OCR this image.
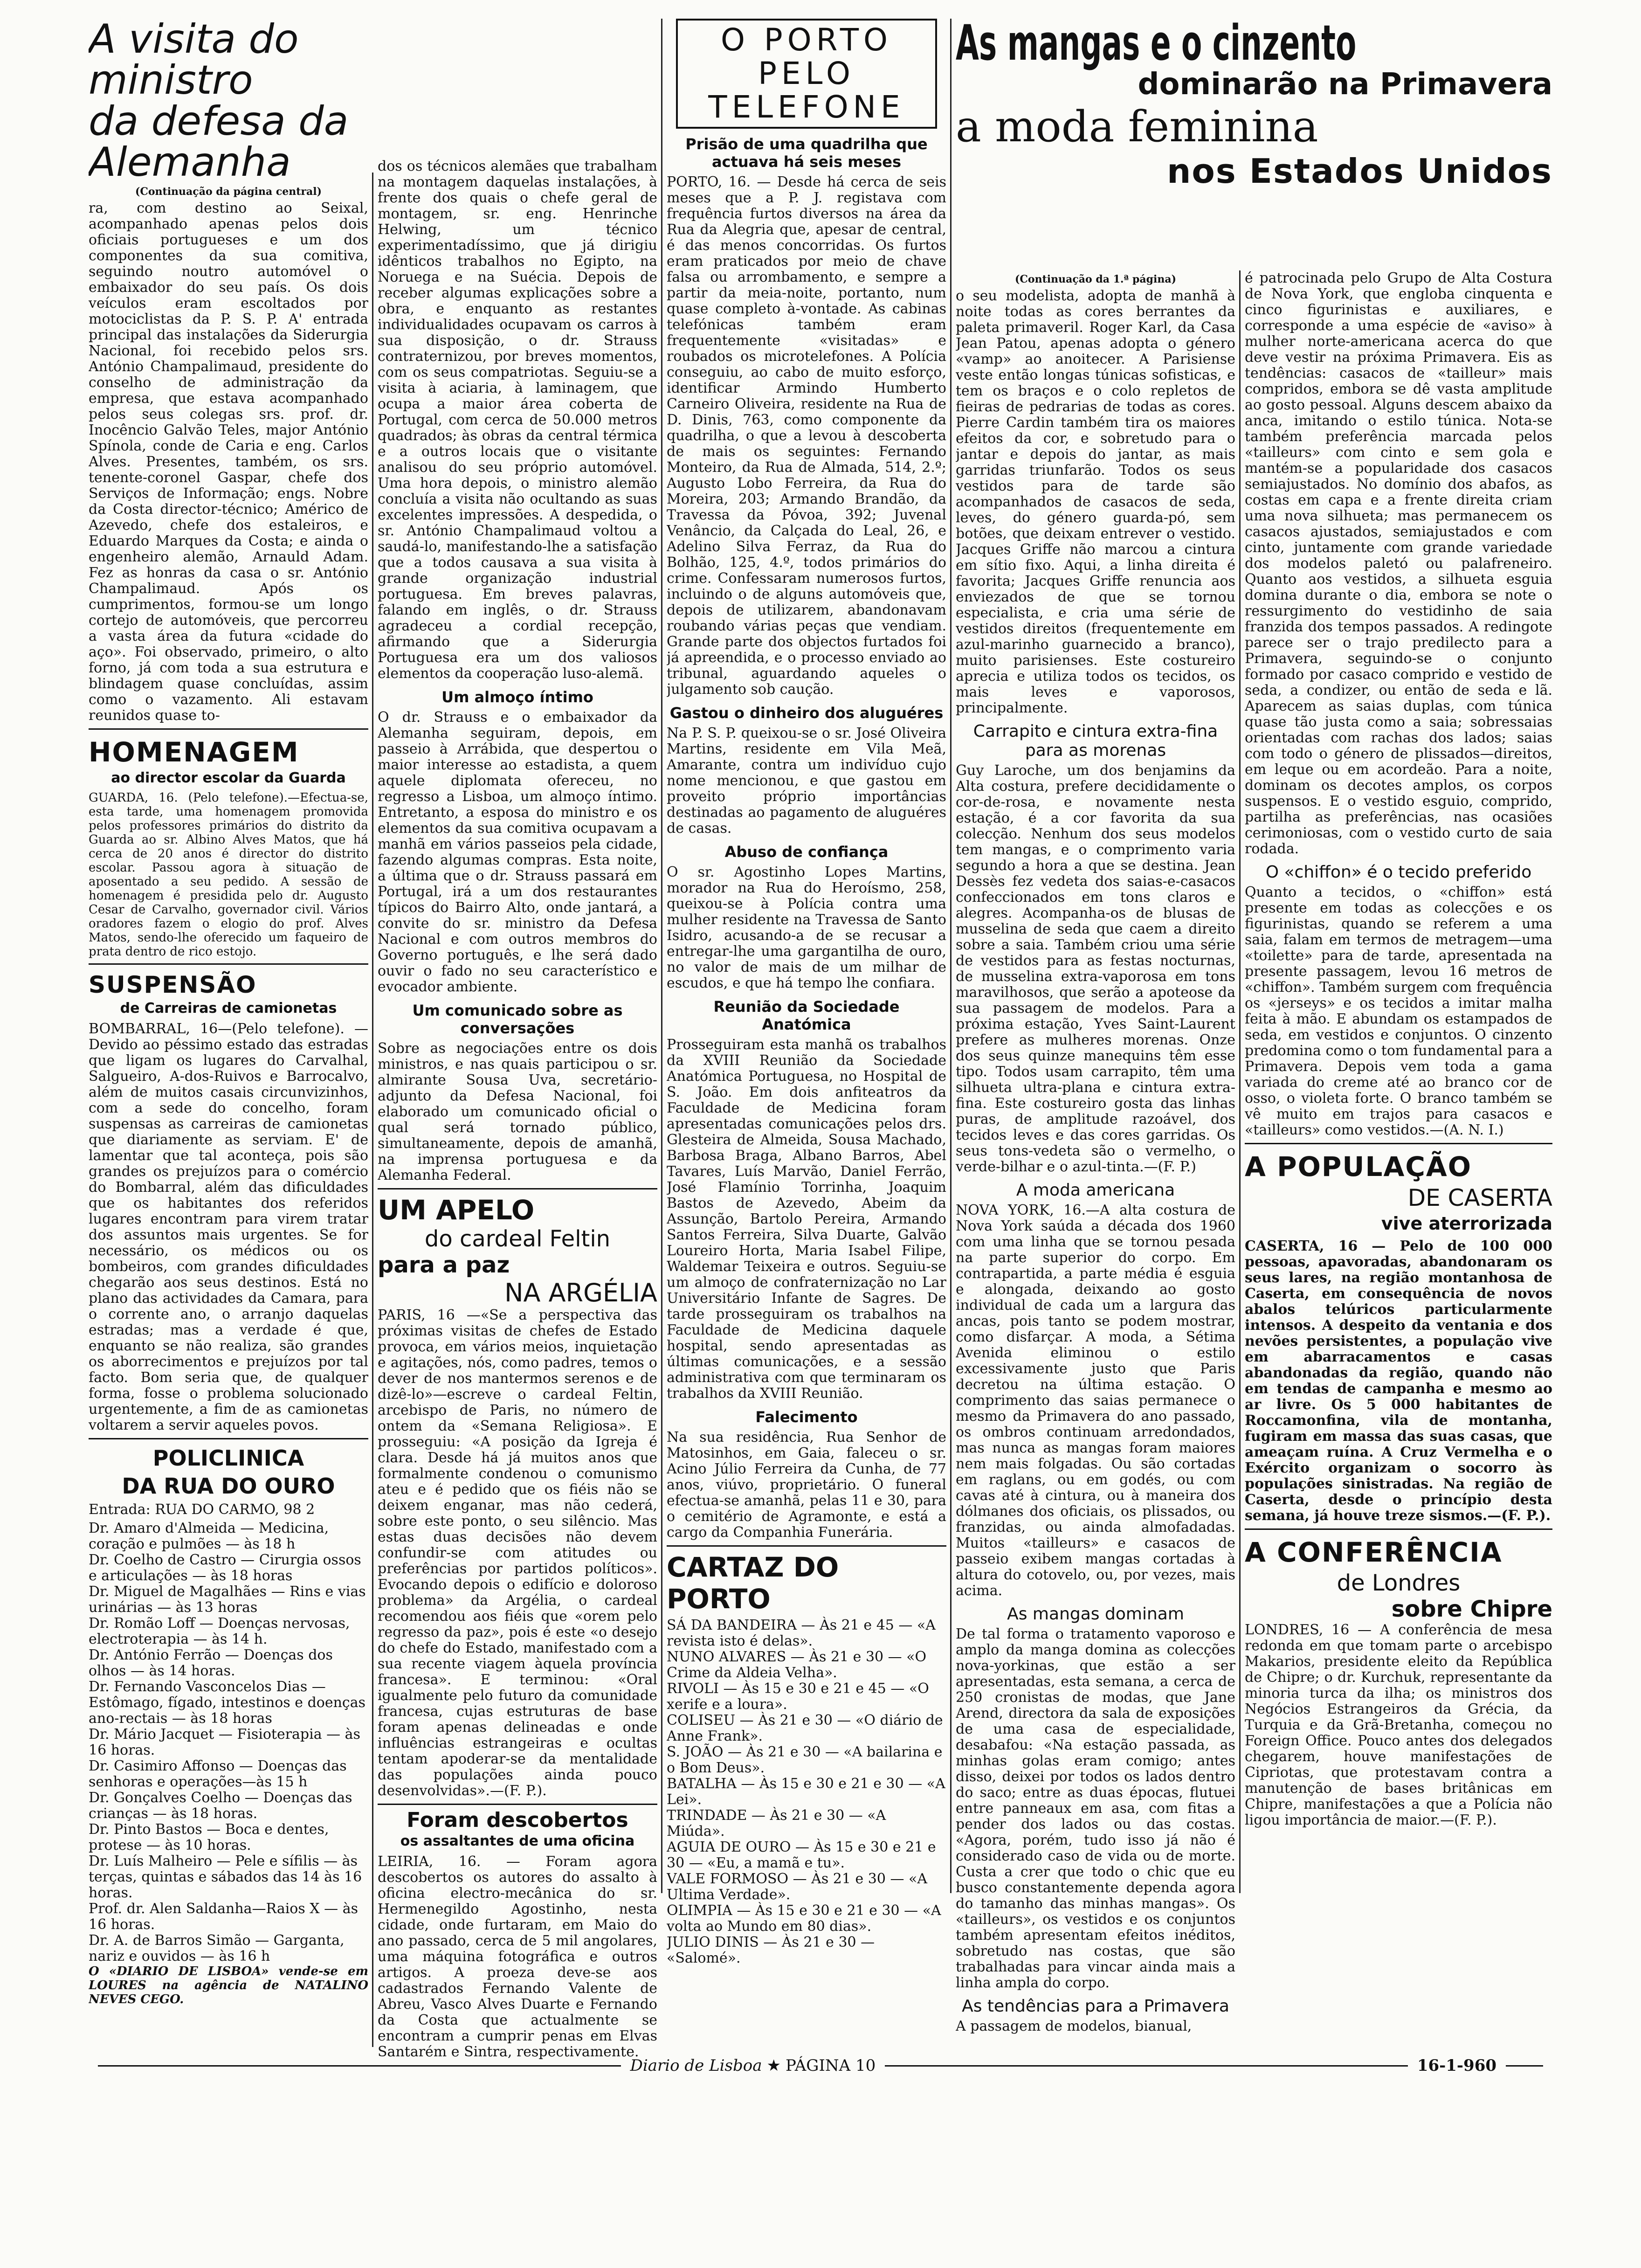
A visita do ministro
da defesa da Alemanha
(Continuação da página central)

ra, com destino ao Seixal, acompanhado apenas pelos dois oficiais portugueses e um dos componentes da sua comitiva, seguindo noutro automóvel o embaixador do seu país. Os dois veículos eram escoltados por motociclistas da P. S. P. A' entrada principal das instalações da Siderurgia Nacional, foi recebido pelos srs. António Champalimaud, presidente do conselho de administração da empresa, que estava acompanhado pelos seus colegas srs. prof. dr. Inocêncio Galvão Teles, major António Spínola, conde de Caria e eng. Carlos Alves. Presentes, também, os srs. tenente-coronel Gaspar, chefe dos Serviços de Informação; engs. Nobre da Costa director-técnico; Américo de Azevedo, chefe dos estaleiros, e Eduardo Marques da Costa; e ainda o engenheiro alemão, Arnauld Adam. Fez as honras da casa o sr. António Champalimaud. Após os cumprimentos, formou-se um longo cortejo de automóveis, que percorreu a vasta área da futura «cidade do aço». Foi observado, primeiro, o alto forno, já com toda a sua estrutura e blindagem quase concluídas, assim como o vazamento. Ali estavam reunidos quase to-

HOMENAGEM
ao director escolar da Guarda

GUARDA, 16. (Pelo telefone).—Efectua-se, esta tarde, uma homenagem promovida pelos professores primários do distrito da Guarda ao sr. Albino Alves Matos, que há cerca de 20 anos é director do distrito escolar. Passou agora à situação de aposentado a seu pedido. A sessão de homenagem é presidida pelo dr. Augusto Cesar de Carvalho, governador civil. Vários oradores fazem o elogio do prof. Alves Matos, sendo-lhe oferecido um faqueiro de prata dentro de rico estojo.

SUSPENSÃO
de Carreiras de camionetas

BOMBARRAL, 16—(Pelo telefone). — Devido ao péssimo estado das estradas que ligam os lugares do Carvalhal, Salgueiro, A-dos-Ruivos e Barrocalvo, além de muitos casais circunvizinhos, com a sede do concelho, foram suspensas as carreiras de camionetas que diariamente as serviam. E' de lamentar que tal aconteça, pois são grandes os prejuízos para o comércio do Bombarral, além das dificuldades que os habitantes dos referidos lugares encontram para virem tratar dos assuntos mais urgentes. Se for necessário, os médicos ou os bombeiros, com grandes dificuldades chegarão aos seus destinos. Está no plano das actividades da Camara, para o corrente ano, o arranjo daquelas estradas; mas a verdade é que, enquanto se não realiza, são grandes os aborrecimentos e prejuízos por tal facto. Bom seria que, de qualquer forma, fosse o problema solucionado urgentemente, a fim de as camionetas voltarem a servir aqueles povos.

POLICLINICA
DA RUA DO OURO

Entrada: RUA DO CARMO, 98 2

Dr. Amaro d'Almeida — Medicina, coração e pulmões — às 18 h

Dr. Coelho de Castro — Cirurgia ossos e articulações — às 18 horas

Dr. Miguel de Magalhães — Rins e vias urinárias — às 13 horas

Dr. Romão Loff — Doenças nervosas, electroterapia — às 14 h.

Dr. António Ferrão — Doenças dos olhos — às 14 horas.

Dr. Fernando Vasconcelos Dias — Estômago, fígado, intestinos e doenças ano-rectais — às 18 horas

Dr. Mário Jacquet — Fisioterapia — às 16 horas.

Dr. Casimiro Affonso — Doenças das senhoras e operações—às 15 h

Dr. Gonçalves Coelho — Doenças das crianças — às 18 horas.

Dr. Pinto Bastos — Boca e dentes, protese — às 10 horas.

Dr. Luís Malheiro — Pele e sífilis — às terças, quintas e sábados das 14 às 16 horas.

Prof. dr. Alen Saldanha—Raios X — às 16 horas.

Dr. A. de Barros Simão — Garganta, nariz e ouvidos — às 16 h

O «DIARIO DE LISBOA» vende-se em LOURES na agência de NATALINO NEVES CEGO.

dos os técnicos alemães que trabalham na montagem daquelas instalações, à frente dos quais o chefe geral de montagem, sr. eng. Henrinche Helwing, um técnico experimentadíssimo, que já dirigiu idênticos trabalhos no Egipto, na Noruega e na Suécia. Depois de receber algumas explicações sobre a obra, e enquanto as restantes individualidades ocupavam os carros à sua disposição, o dr. Strauss contraternizou, por breves momentos, com os seus compatriotas. Seguiu-se a visita à aciaria, à laminagem, que ocupa a maior área coberta de Portugal, com cerca de 50.000 metros quadrados; às obras da central térmica e a outros locais que o visitante analisou do seu próprio automóvel. Uma hora depois, o ministro alemão concluía a visita não ocultando as suas excelentes impressões. A despedida, o sr. António Champalimaud voltou a saudá-lo, manifestando-lhe a satisfação que a todos causava a sua visita à grande organização industrial portuguesa. Em breves palavras, falando em inglês, o dr. Strauss agradeceu a cordial recepção, afirmando que a Siderurgia Portuguesa era um dos valiosos elementos da cooperação luso-alemã.

Um almoço íntimo

O dr. Strauss e o embaixador da Alemanha seguiram, depois, em passeio à Arrábida, que despertou o maior interesse ao estadista, a quem aquele diplomata ofereceu, no regresso a Lisboa, um almoço íntimo. Entretanto, a esposa do ministro e os elementos da sua comitiva ocupavam a manhã em vários passeios pela cidade, fazendo algumas compras. Esta noite, a última que o dr. Strauss passará em Portugal, irá a um dos restaurantes típicos do Bairro Alto, onde jantará, a convite do sr. ministro da Defesa Nacional e com outros membros do Governo português, e lhe será dado ouvir o fado no seu característico e evocador ambiente.

Um comunicado sobre as conversações

Sobre as negociações entre os dois ministros, e nas quais participou o sr. almirante Sousa Uva, secretário-adjunto da Defesa Nacional, foi elaborado um comunicado oficial o qual será tornado público, simultaneamente, depois de amanhã, na imprensa portuguesa e da Alemanha Federal.

UM APELO
do cardeal Feltin
para a paz
NA ARGÉLIA

PARIS, 16 —«Se a perspectiva das próximas visitas de chefes de Estado provoca, em vários meios, inquietação e agitações, nós, como padres, temos o dever de nos mantermos serenos e de dizê-lo»—escreve o cardeal Feltin, arcebispo de Paris, no número de ontem da «Semana Religiosa». E prosseguiu: «A posição da Igreja é clara. Desde há já muitos anos que formalmente condenou o comunismo ateu e é pedido que os fiéis não se deixem enganar, mas não cederá, sobre este ponto, o seu silêncio. Mas estas duas decisões não devem confundir-se com atitudes ou preferências por partidos políticos». Evocando depois o edifício e doloroso problema» da Argélia, o cardeal recomendou aos fiéis que «orem pelo regresso da paz», pois é este «o desejo do chefe do Estado, manifestado com a sua recente viagem àquela província francesa». E terminou: «Oral igualmente pelo futuro da comunidade francesa, cujas estruturas de base foram apenas delineadas e onde influências estrangeiras e ocultas tentam apoderar-se da mentalidade das populações ainda pouco desenvolvidas».—(F. P.).

Foram descobertos
os assaltantes de uma oficina

LEIRIA, 16. — Foram agora descobertos os autores do assalto à oficina electro-mecânica do sr. Hermenegildo Agostinho, nesta cidade, onde furtaram, em Maio do ano passado, cerca de 5 mil angolares, uma máquina fotográfica e outros artigos. A proeza deve-se aos cadastrados Fernando Valente de Abreu, Vasco Alves Duarte e Fernando da Costa que actualmente se encontram a cumprir penas em Elvas Santarém e Sintra, respectivamente.

O PORTO
PELO
TELEFONE
Prisão de uma quadrilha que actuava há seis meses

PORTO, 16. — Desde há cerca de seis meses que a P. J. registava com frequência furtos diversos na área da Rua da Alegria que, apesar de central, é das menos concorridas. Os furtos eram praticados por meio de chave falsa ou arrombamento, e sempre a partir da meia-noite, portanto, num quase completo à-vontade. As cabinas telefónicas também eram frequentemente «visitadas» e roubados os microtelefones. A Polícia conseguiu, ao cabo de muito esforço, identificar Armindo Humberto Carneiro Oliveira, residente na Rua de D. Dinis, 763, como componente da quadrilha, o que a levou à descoberta de mais os seguintes: Fernando Monteiro, da Rua de Almada, 514, 2.º; Augusto Lobo Ferreira, da Rua do Moreira, 203; Armando Brandão, da Travessa da Póvoa, 392; Juvenal Venâncio, da Calçada do Leal, 26, e Adelino Silva Ferraz, da Rua do Bolhão, 125, 4.º, todos primários do crime. Confessaram numerosos furtos, incluindo o de alguns automóveis que, depois de utilizarem, abandonavam roubando várias peças que vendiam. Grande parte dos objectos furtados foi já apreendida, e o processo enviado ao tribunal, aguardando aqueles o julgamento sob caução.

Gastou o dinheiro dos aluguéres

Na P. S. P. queixou-se o sr. José Oliveira Martins, residente em Vila Meã, Amarante, contra um indivíduo cujo nome mencionou, e que gastou em proveito próprio importâncias destinadas ao pagamento de aluguéres de casas.

Abuso de confiança

O sr. Agostinho Lopes Martins, morador na Rua do Heroísmo, 258, queixou-se à Polícia contra uma mulher residente na Travessa de Santo Isidro, acusando-a de se recusar a entregar-lhe uma gargantilha de ouro, no valor de mais de um milhar de escudos, e que há tempo lhe confiara.

Reunião da Sociedade Anatómica

Prosseguiram esta manhã os trabalhos da XVIII Reunião da Sociedade Anatómica Portuguesa, no Hospital de S. João. Em dois anfiteatros da Faculdade de Medicina foram apresentadas comunicações pelos drs. Glesteira de Almeida, Sousa Machado, Barbosa Braga, Albano Barros, Abel Tavares, Luís Marvão, Daniel Ferrão, José Flamínio Torrinha, Joaquim Bastos de Azevedo, Abeim da Assunção, Bartolo Pereira, Armando Santos Ferreira, Silva Duarte, Galvão Loureiro Horta, Maria Isabel Filipe, Waldemar Teixeira e outros. Seguiu-se um almoço de confraternização no Lar Universitário Infante de Sagres. De tarde prosseguiram os trabalhos na Faculdade de Medicina daquele hospital, sendo apresentadas as últimas comunicações, e a sessão administrativa com que terminaram os trabalhos da XVIII Reunião.

Falecimento

Na sua residência, Rua Senhor de Matosinhos, em Gaia, faleceu o sr. Acino Júlio Ferreira da Cunha, de 77 anos, viúvo, proprietário. O funeral efectua-se amanhã, pelas 11 e 30, para o cemitério de Agramonte, e está a cargo da Companhia Funerária.

CARTAZ DO PORTO

SÁ DA BANDEIRA — Às 21 e 45 — «A revista isto é delas».

NUNO ALVARES — Às 21 e 30 — «O Crime da Aldeia Velha».

RIVOLI — Às 15 e 30 e 21 e 45 — «O xerife e a loura».

COLISEU — Às 21 e 30 — «O diário de Anne Frank».

S. JOÃO — Às 21 e 30 — «A bailarina e o Bom Deus».

BATALHA — Às 15 e 30 e 21 e 30 — «A Lei».

TRINDADE — Às 21 e 30 — «A Miúda».

AGUIA DE OURO — Às 15 e 30 e 21 e 30 — «Eu, a mamã e tu».

VALE FORMOSO — Às 21 e 30 — «A Ultima Verdade».

OLIMPIA — Às 15 e 30 e 21 e 30 — «A volta ao Mundo em 80 dias».

JULIO DINIS — Às 21 e 30 — «Salomé».

As mangas e o cinzento
dominarão na Primavera
a moda feminina
nos Estados Unidos
(Continuação da 1.ª página)

o seu modelista, adopta de manhã à noite todas as cores berrantes da paleta primaveril. Roger Karl, da Casa Jean Patou, apenas adopta o género «vamp» ao anoitecer. A Parisiense veste então longas túnicas sofisticas, e tem os braços e o colo repletos de fieiras de pedrarias de todas as cores. Pierre Cardin também tira os maiores efeitos da cor, e sobretudo para o jantar e depois do jantar, as mais garridas triunfarão. Todos os seus vestidos para de tarde são acompanhados de casacos de seda, leves, do género guarda-pó, sem botões, que deixam entrever o vestido. Jacques Griffe não marcou a cintura em sítio fixo. Aqui, a linha direita é favorita; Jacques Griffe renuncia aos enviezados de que se tornou especialista, e cria uma série de vestidos direitos (frequentemente em azul-marinho guarnecido a branco), muito parisienses. Este costureiro aprecia e utiliza todos os tecidos, os mais leves e vaporosos, principalmente.

Carrapito e cintura extra-fina para as morenas

Guy Laroche, um dos benjamins da Alta costura, prefere decididamente o cor-de-rosa, e novamente nesta estação, é a cor favorita da sua colecção. Nenhum dos seus modelos tem mangas, e o comprimento varia segundo a hora a que se destina. Jean Dessès fez vedeta dos saias-e-casacos confeccionados em tons claros e alegres. Acompanha-os de blusas de musselina de seda que caem a direito sobre a saia. Também criou uma série de vestidos para as festas nocturnas, de musselina extra-vaporosa em tons maravilhosos, que serão a apoteose da sua passagem de modelos. Para a próxima estação, Yves Saint-Laurent prefere as mulheres morenas. Onze dos seus quinze manequins têm esse tipo. Todos usam carrapito, têm uma silhueta ultra-plana e cintura extra-fina. Este costureiro gosta das linhas puras, de amplitude razoável, dos tecidos leves e das cores garridas. Os seus tons-vedeta são o vermelho, o verde-bilhar e o azul-tinta.—(F. P.)

A moda americana

NOVA YORK, 16.—A alta costura de Nova York saúda a década dos 1960 com uma linha que se tornou pesada na parte superior do corpo. Em contrapartida, a parte média é esguia e alongada, deixando ao gosto individual de cada um a largura das ancas, pois tanto se podem mostrar, como disfarçar. A moda, a Sétima Avenida eliminou o estilo excessivamente justo que Paris decretou na última estação. O comprimento das saias permanece o mesmo da Primavera do ano passado, os ombros continuam arredondados, mas nunca as mangas foram maiores nem mais folgadas. Ou são cortadas em raglans, ou em godés, ou com cavas até à cintura, ou à maneira dos dólmanes dos oficiais, os plissados, ou franzidas, ou ainda almofadadas. Muitos «tailleurs» e casacos de passeio exibem mangas cortadas à altura do cotovelo, ou, por vezes, mais acima.

As mangas dominam

De tal forma o tratamento vaporoso e amplo da manga domina as colecções nova-yorkinas, que estão a ser apresentadas, esta semana, a cerca de 250 cronistas de modas, que Jane Arend, directora da sala de exposições de uma casa de especialidade, desabafou: «Na estação passada, as minhas golas eram comigo; antes disso, deixei por todos os lados dentro do saco; entre as duas épocas, flutuei entre panneaux em asa, com fitas a pender dos lados ou das costas. «Agora, porém, tudo isso já não é considerado caso de vida ou de morte. Custa a crer que todo o chic que eu busco constantemente dependa agora do tamanho das minhas mangas». Os «tailleurs», os vestidos e os conjuntos também apresentam efeitos inéditos, sobretudo nas costas, que são trabalhadas para vincar ainda mais a linha ampla do corpo.

As tendências para a Primavera

A passagem de modelos, bianual,

é patrocinada pelo Grupo de Alta Costura de Nova York, que engloba cinquenta e cinco figurinistas e auxiliares, e corresponde a uma espécie de «aviso» à mulher norte-americana acerca do que deve vestir na próxima Primavera. Eis as tendências: casacos de «tailleur» mais compridos, embora se dê vasta amplitude ao gosto pessoal. Alguns descem abaixo da anca, imitando o estilo túnica. Nota-se também preferência marcada pelos «tailleurs» com cinto e sem gola e mantém-se a popularidade dos casacos semiajustados. No domínio dos abafos, as costas em capa e a frente direita criam uma nova silhueta; mas permanecem os casacos ajustados, semiajustados e com cinto, juntamente com grande variedade dos modelos paletó ou palafreneiro. Quanto aos vestidos, a silhueta esguia domina durante o dia, embora se note o ressurgimento do vestidinho de saia franzida dos tempos passados. A redingote parece ser o trajo predilecto para a Primavera, seguindo-se o conjunto formado por casaco comprido e vestido de seda, a condizer, ou então de seda e lã. Aparecem as saias duplas, com túnica quase tão justa como a saia; sobressaias orientadas com rachas dos lados; saias com todo o género de plissados—direitos, em leque ou em acordeão. Para a noite, dominam os decotes amplos, os corpos suspensos. E o vestido esguio, comprido, partilha as preferências, nas ocasiões cerimoniosas, com o vestido curto de saia rodada.

O «chiffon» é o tecido preferido

Quanto a tecidos, o «chiffon» está presente em todas as colecções e os figurinistas, quando se referem a uma saia, falam em termos de metragem—uma «toilette» para de tarde, apresentada na presente passagem, levou 16 metros de «chiffon». Também surgem com frequência os «jerseys» e os tecidos a imitar malha feita à mão. E abundam os estampados de seda, em vestidos e conjuntos. O cinzento predomina como o tom fundamental para a Primavera. Depois vem toda a gama variada do creme até ao branco cor de osso, o violeta forte. O branco também se vê muito em trajos para casacos e «tailleurs» como vestidos.—(A. N. I.)

A POPULAÇÃO
DE CASERTA
vive aterrorizada

CASERTA, 16 — Pelo de 100 000 pessoas, apavoradas, abandonaram os seus lares, na região montanhosa de Caserta, em consequência de novos abalos telúricos particularmente intensos. A despeito da ventania e dos nevões persistentes, a população vive em abarracamentos e casas abandonadas da região, quando não em tendas de campanha e mesmo ao ar livre. Os 5 000 habitantes de Roccamonfina, vila de montanha, fugiram em massa das suas casas, que ameaçam ruína. A Cruz Vermelha e o Exército organizam o socorro às populações sinistradas. Na região de Caserta, desde o princípio desta semana, já houve treze sismos.—(F. P.).

A CONFERÊNCIA
de Londres
sobre Chipre

LONDRES, 16 — A conferência de mesa redonda em que tomam parte o arcebispo Makarios, presidente eleito da República de Chipre; o dr. Kurchuk, representante da minoria turca da ilha; os ministros dos Negócios Estrangeiros da Grécia, da Turquia e da Grã-Bretanha, começou no Foreign Office. Pouco antes dos delegados chegarem, houve manifestações de Cipriotas, que protestavam contra a manutenção de bases britânicas em Chipre, manifestações a que a Polícia não ligou importância de maior.—(F. P.).

Diario de Lisboa ★ PÁGINA 10	16-1-960
